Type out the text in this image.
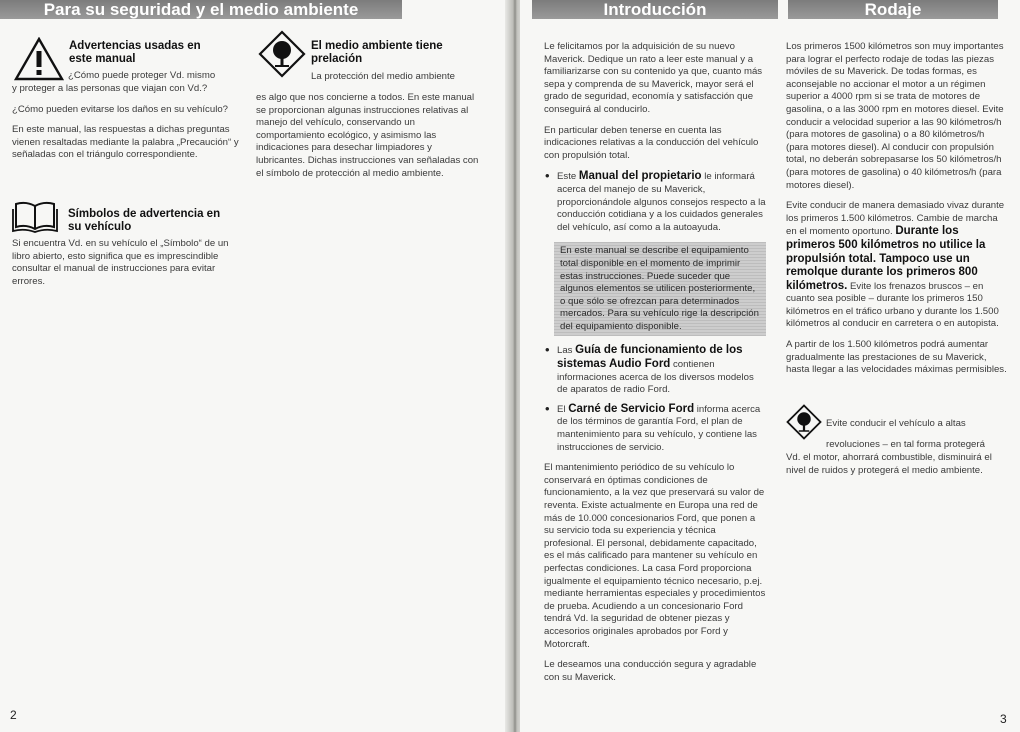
Para su seguridad y el medio ambiente
Advertencias usadas en
este manual
¿Cómo puede proteger Vd. mismo

y proteger a las personas que viajan con Vd.?

¿Cómo pueden evitarse los daños en su vehículo?

En este manual, las respuestas a dichas preguntas vienen resaltadas mediante la palabra „Precaución“ y señaladas con el triángulo correspondiente.

El medio ambiente tiene
prelación
La protección del medio ambiente
es algo que nos concierne a todos. En este manual se proporcionan algunas instrucciones relativas al manejo del vehículo, conservando un comportamiento ecológico, y asimismo las indicaciones para desechar limpiadores y lubricantes. Dichas instrucciones van señaladas con el símbolo de protección al medio ambiente.
Símbolos de advertencia en
su vehículo
Si encuentra Vd. en su vehículo el „Símbolo“ de un libro abierto, esto significa que es imprescindible consultar el manual de instrucciones para evitar errores.
2
Introducción	Rodaje

Le felicitamos por la adquisición de su nuevo Maverick. Dedique un rato a leer este manual y a familiarizarse con su contenido ya que, cuanto más sepa y comprenda de su Maverick, mayor será el grado de seguridad, economía y satisfacción que conseguirá al conducirlo.

En particular deben tenerse en cuenta las indicaciones relativas a la conducción del vehículo con propulsión total.

• Este Manual del propietario le informará acerca del manejo de su Maverick, proporcionándole algunos consejos respecto a la conducción cotidiana y a los cuidados generales del vehículo, así como a la autoayuda.
En este manual se describe el equipamiento total disponible en el momento de imprimir estas instrucciones. Puede suceder que algunos elementos se utilicen posteriormente, o que sólo se ofrezcan para determinados mercados. Para su vehículo rige la descripción del equipamiento disponible.
• Las Guía de funcionamiento de los sistemas Audio Ford contienen informaciones acerca de los diversos modelos de aparatos de radio Ford.
• El Carné de Servicio Ford informa acerca de los términos de garantía Ford, el plan de mantenimiento para su vehículo, y contiene las instrucciones de servicio.

El mantenimiento periódico de su vehículo lo conservará en óptimas condiciones de funcionamiento, a la vez que preservará su valor de reventa. Existe actualmente en Europa una red de más de 10.000 concesionarios Ford, que ponen a su servicio toda su experiencia y técnica profesional. El personal, debidamente capacitado, es el más calificado para mantener su vehículo en perfectas condiciones. La casa Ford proporciona igualmente el equipamiento técnico necesario, p.ej. mediante herramientas especiales y procedimientos de prueba. Acudiendo a un concesionario Ford tendrá Vd. la seguridad de obtener piezas y accesorios originales aprobados por Ford y Motorcraft.

Le deseamos una conducción segura y agradable con su Maverick.

Los primeros 1500 kilómetros son muy importantes para lograr el perfecto rodaje de todas las piezas móviles de su Maverick. De todas formas, es aconsejable no accionar el motor a un régimen superior a 4000 rpm si se trata de motores de gasolina, o a las 3000 rpm en motores diesel. Evite conducir a velocidad superior a las 90 kilómetros/h (para motores de gasolina) o a 80 kilómetros/h (para motores diesel). Al conducir con propulsión total, no deberán sobrepasarse los 50 kilómetros/h (para motores de gasolina) o 40 kilómetros/h (para motores diesel).

Evite conducir de manera demasiado vivaz durante los primeros 1.500 kilómetros. Cambie de marcha en el momento oportuno. Durante los primeros 500 kilómetros no utilice la propulsión total. Tampoco use un remolque durante los primeros 800 kilómetros. Evite los frenazos bruscos – en cuanto sea posible – durante los primeros 150 kilómetros en el tráfico urbano y durante los 1.500 kilómetros al conducir en carretera o en autopista.

A partir de los 1.500 kilómetros podrá aumentar gradualmente las prestaciones de su Maverick, hasta llegar a las velocidades máximas permisibles.

Evite conducir el vehículo a altas
revoluciones – en tal forma protegerá
Vd. el motor, ahorrará combustible, disminuirá el nivel de ruidos y protegerá el medio ambiente.
3
